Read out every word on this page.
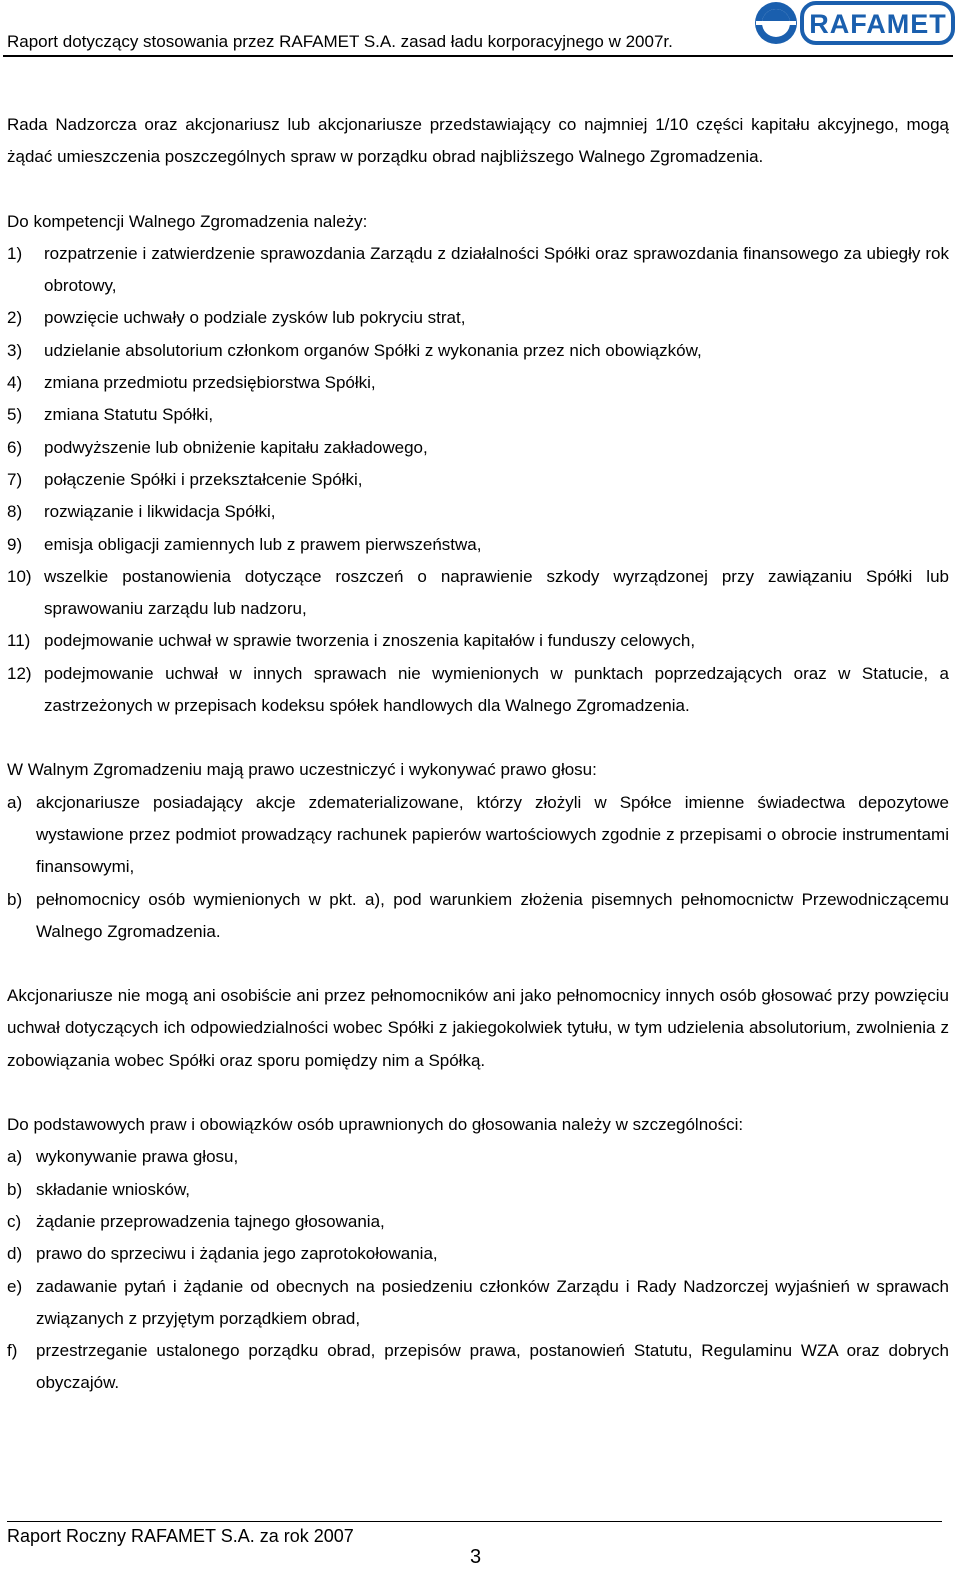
Raport dotyczący stosowania przez RAFAMET S.A. zasad ładu korporacyjnego w 2007r.
RAFAMET

Rada Nadzorcza oraz akcjonariusz lub akcjonariusze przedstawiający co najmniej 1/10 części kapitału akcyjnego, mogą żądać umieszczenia poszczególnych spraw w porządku obrad najbliższego Walnego Zgromadzenia.

Do kompetencji Walnego Zgromadzenia należy:

1)	rozpatrzenie i zatwierdzenie sprawozdania Zarządu z działalności Spółki oraz sprawozdania finansowego za ubiegły rok obrotowy,
2)	powzięcie uchwały o podziale zysków lub pokryciu strat,
3)	udzielanie absolutorium członkom organów Spółki z wykonania przez nich obowiązków,
4)	zmiana przedmiotu przedsiębiorstwa Spółki,
5)	zmiana Statutu Spółki,
6)	podwyższenie lub obniżenie kapitału zakładowego,
7)	połączenie Spółki i przekształcenie Spółki,
8)	rozwiązanie i likwidacja Spółki,
9)	emisja obligacji zamiennych lub z prawem pierwszeństwa,
10) wszelkie postanowienia dotyczące roszczeń o naprawienie szkody wyrządzonej przy zawiązaniu Spółki lub sprawowaniu zarządu lub nadzoru,
11) podejmowanie uchwał w sprawie tworzenia i znoszenia kapitałów i funduszy celowych,
12) podejmowanie uchwał w innych sprawach nie wymienionych w punktach poprzedzających oraz w Statucie, a zastrzeżonych w przepisach kodeksu spółek handlowych dla Walnego Zgromadzenia.

W Walnym Zgromadzeniu mają prawo uczestniczyć i wykonywać prawo głosu:

a) akcjonariusze posiadający akcje zdematerializowane, którzy złożyli w Spółce imienne świadectwa depozytowe wystawione przez podmiot prowadzący rachunek papierów wartościowych zgodnie z przepisami o obrocie instrumentami finansowymi,
b) pełnomocnicy osób wymienionych w pkt. a), pod warunkiem złożenia pisemnych pełnomocnictw Przewodniczącemu Walnego Zgromadzenia.

Akcjonariusze nie mogą ani osobiście ani przez pełnomocników ani jako pełnomocnicy innych osób głosować przy powzięciu uchwał dotyczących ich odpowiedzialności wobec Spółki z jakiegokolwiek tytułu, w tym udzielenia absolutorium, zwolnienia z zobowiązania wobec Spółki oraz sporu pomiędzy nim a Spółką.

Do podstawowych praw i obowiązków osób uprawnionych do głosowania należy w szczególności:

a) wykonywanie prawa głosu,
b) składanie wniosków,
c) żądanie przeprowadzenia tajnego głosowania,
d) prawo do sprzeciwu i żądania jego zaprotokołowania,
e) zadawanie pytań i żądanie od obecnych na posiedzeniu członków Zarządu i Rady Nadzorczej wyjaśnień w sprawach związanych z przyjętym porządkiem obrad,
f)	przestrzeganie ustalonego porządku obrad, przepisów prawa, postanowień Statutu, Regulaminu WZA oraz dobrych obyczajów.
Raport Roczny RAFAMET S.A. za rok 2007
3
